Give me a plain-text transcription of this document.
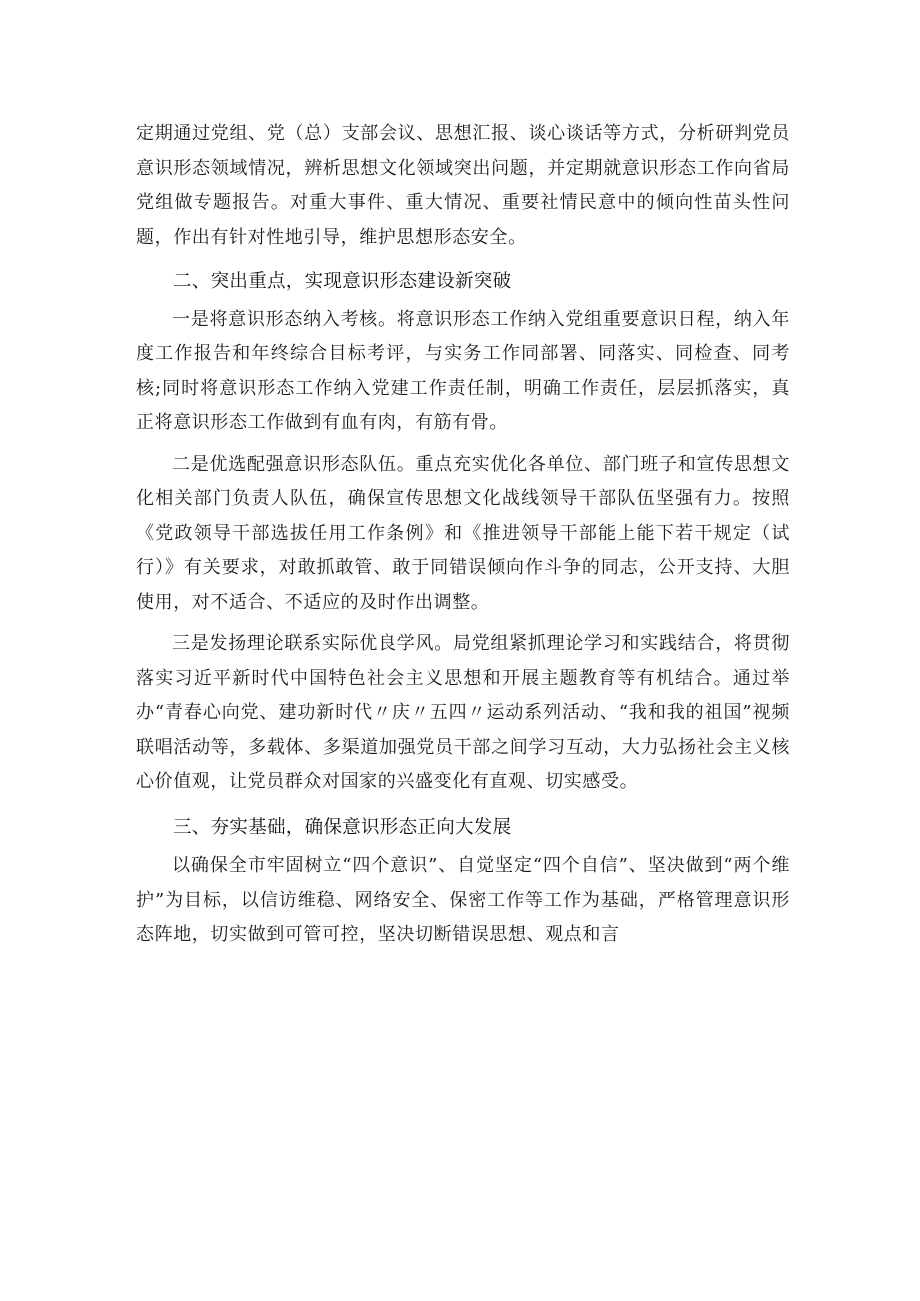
定期通过党组、党（总）支部会议、思想汇报、谈心谈话等方式，分析研判党员意识形态领域情况，辨析思想文化领域突出问题，并定期就意识形态工作向省局党组做专题报告。对重大事件、重大情况、重要社情民意中的倾向性苗头性问题，作出有针对性地引导，维护思想形态安全。

二、突出重点，实现意识形态建设新突破

一是将意识形态纳入考核。将意识形态工作纳入党组重要意识日程，纳入年度工作报告和年终综合目标考评，与实务工作同部署、同落实、同检查、同考核;同时将意识形态工作纳入党建工作责任制，明确工作责任，层层抓落实，真正将意识形态工作做到有血有肉，有筋有骨。

二是优选配强意识形态队伍。重点充实优化各单位、部门班子和宣传思想文化相关部门负责人队伍，确保宣传思想文化战线领导干部队伍坚强有力。按照《党政领导干部选拔任用工作条例》和《推进领导干部能上能下若干规定（试行）》有关要求，对敢抓敢管、敢于同错误倾向作斗争的同志，公开支持、大胆使用，对不适合、不适应的及时作出调整。

三是发扬理论联系实际优良学风。局党组紧抓理论学习和实践结合，将贯彻落实习近平新时代中国特色社会主义思想和开展主题教育等有机结合。通过举办“青春心向党、建功新时代〃庆〃五四〃运动系列活动、“我和我的祖国”视频联唱活动等，多载体、多渠道加强党员干部之间学习互动，大力弘扬社会主义核心价值观，让党员群众对国家的兴盛变化有直观、切实感受。

三、夯实基础，确保意识形态正向大发展

以确保全市牢固树立“四个意识”、自觉坚定“四个自信”、坚决做到“两个维护”为目标，以信访维稳、网络安全、保密工作等工作为基础，严格管理意识形态阵地，切实做到可管可控，坚决切断错误思想、观点和言
